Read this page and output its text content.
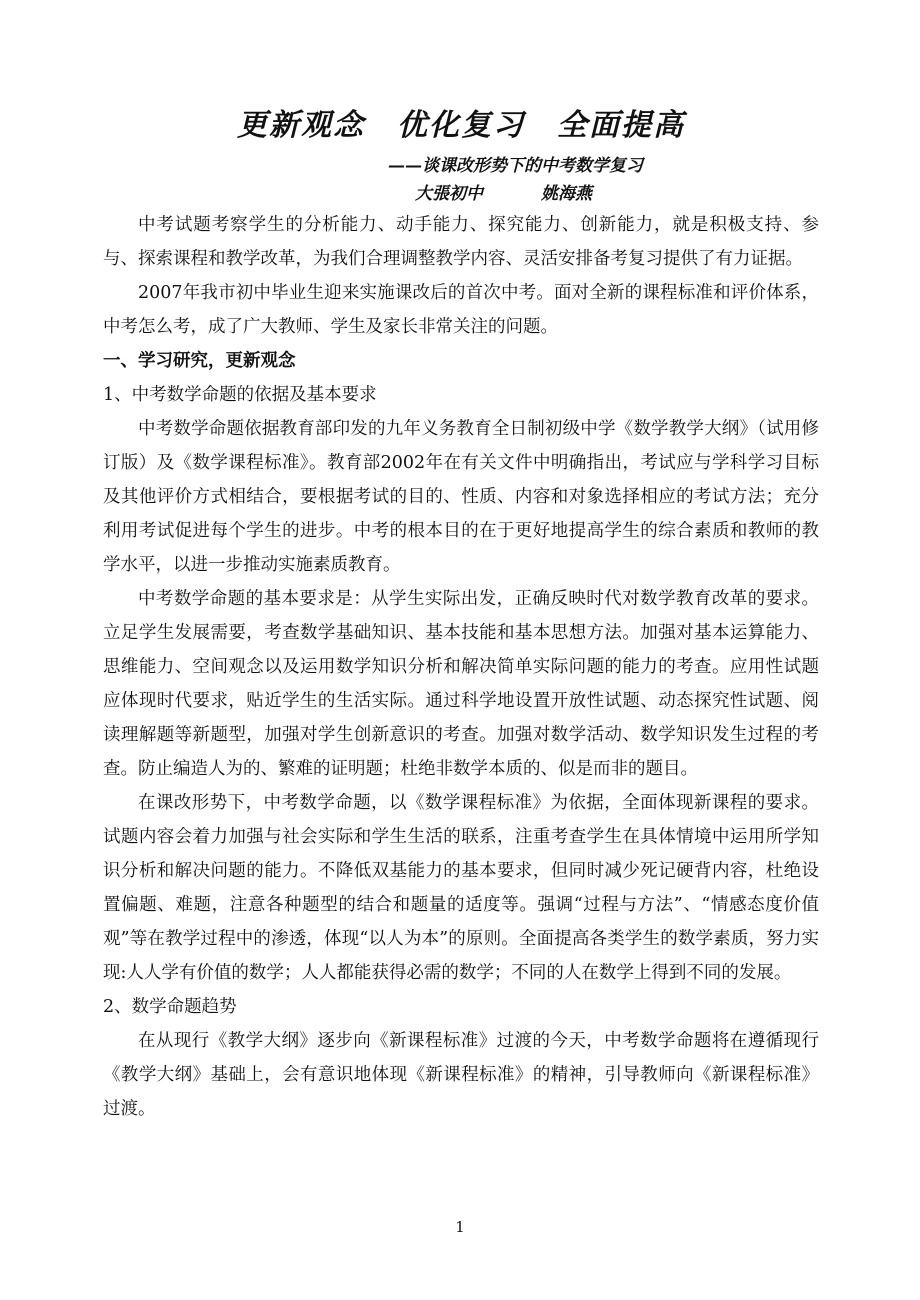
更新观念　优化复习　全面提高
——谈课改形势下的中考数学复习
大張初中	姚海燕

中考试题考察学生的分析能力、动手能力、探究能力、创新能力，就是积极支持、参与、探索课程和教学改革，为我们合理调整教学内容、灵活安排备考复习提供了有力证据。

2007年我市初中毕业生迎来实施课改后的首次中考。面对全新的课程标准和评价体系，中考怎么考，成了广大教师、学生及家长非常关注的问题。

一、学习研究，更新观念

1、中考数学命题的依据及基本要求

中考数学命题依据教育部印发的九年义务教育全日制初级中学《数学教学大纲》（试用修订版）及《数学课程标准》。教育部2002年在有关文件中明确指出，考试应与学科学习目标及其他评价方式相结合，要根据考试的目的、性质、内容和对象选择相应的考试方法；充分利用考试促进每个学生的进步。中考的根本目的在于更好地提高学生的综合素质和教师的教学水平，以进一步推动实施素质教育。

中考数学命题的基本要求是：从学生实际出发，正确反映时代对数学教育改革的要求。立足学生发展需要，考查数学基础知识、基本技能和基本思想方法。加强对基本运算能力、思维能力、空间观念以及运用数学知识分析和解决简单实际问题的能力的考查。应用性试题应体现时代要求，贴近学生的生活实际。通过科学地设置开放性试题、动态探究性试题、阅读理解题等新题型，加强对学生创新意识的考查。加强对数学活动、数学知识发生过程的考查。防止编造人为的、繁难的证明题；杜绝非数学本质的、似是而非的题目。

在课改形势下，中考数学命题，以《数学课程标准》为依据，全面体现新课程的要求。试题内容会着力加强与社会实际和学生生活的联系，注重考查学生在具体情境中运用所学知识分析和解决问题的能力。不降低双基能力的基本要求，但同时减少死记硬背内容，杜绝设置偏题、难题，注意各种题型的结合和题量的适度等。强调“过程与方法”、“情感态度价值观”等在教学过程中的渗透，体现“以人为本”的原则。全面提高各类学生的数学素质，努力实现:人人学有价值的数学；人人都能获得必需的数学；不同的人在数学上得到不同的发展。

2、数学命题趋势

在从现行《教学大纲》逐步向《新课程标准》过渡的今天，中考数学命题将在遵循现行《教学大纲》基础上，会有意识地体现《新课程标准》的精神，引导教师向《新课程标准》过渡。

1
